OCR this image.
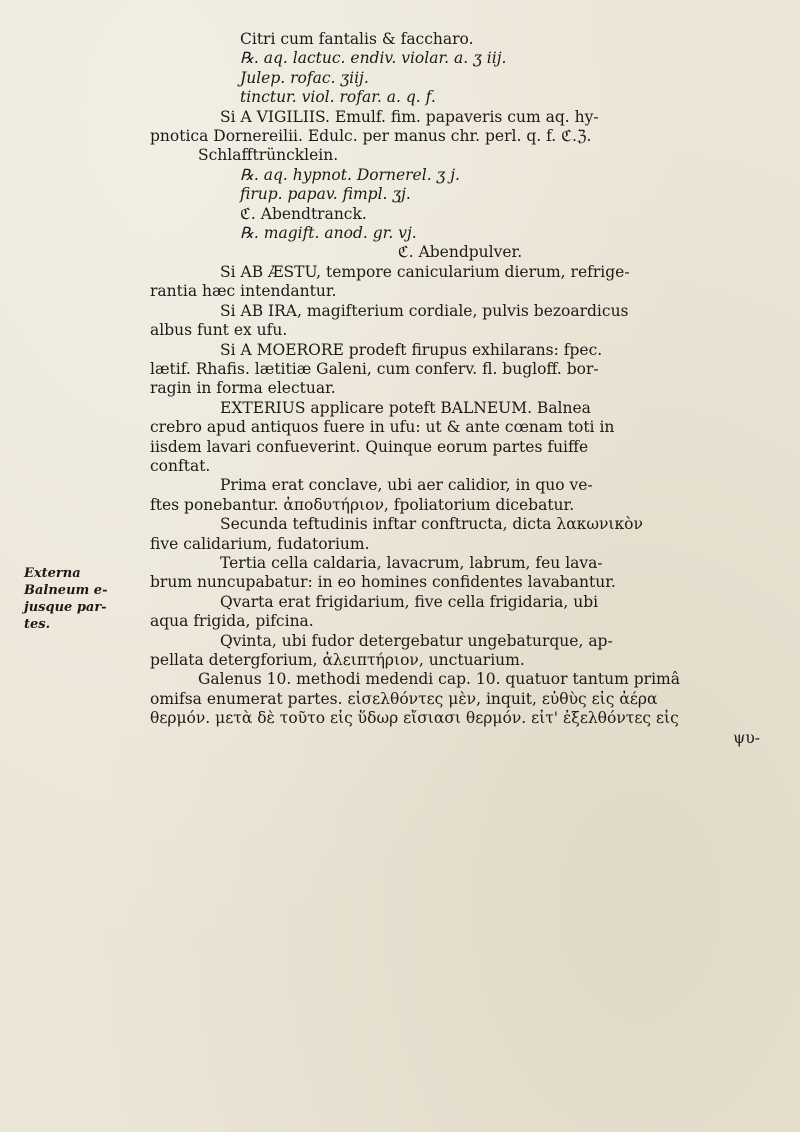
Externa
Balneum e-
jusque par-
tes.
Citri cum fantalis & faccharo.
℞. aq. lactuc. endiv. violar. a. ʒ iij.
Julep. rofac. ʒiij.
tinctur. viol. rofar. a. q. f.
Si A VIGILIIS. Emulf. fim. papaveris cum aq. hy-
pnotica Dornereilii. Edulc. per manus chr. perl. q. f. ℭ.ℨ.
Schlafftrüncklein.
℞. aq. hypnot. Dornerel. ʒ j.
firup. papav. fimpl. ʒj.
ℭ. Abendtranck.
℞. magift. anod. gr. vj.
ℭ. Abendpulver.
Si AB ÆSTU, tempore canicularium dierum, refrige-
rantia hæc intendantur.
Si AB IRA, magifterium cordiale, pulvis bezoardicus
albus funt ex ufu.
Si A MOERORE prodeft firupus exhilarans: fpec.
lætif. Rhafis. lætitiæ Galeni, cum conferv. fl. bugloff. bor-
ragin in forma electuar.
EXTERIUS applicare poteft BALNEUM. Balnea
crebro apud antiquos fuere in ufu: ut & ante cœnam toti in
iisdem lavari confueverint. Quinque eorum partes fuiffe
conftat.
Prima erat conclave, ubi aer calidior, in quo ve-
ftes ponebantur. ἀποδυτήριον, fpoliatorium dicebatur.
Secunda teftudinis inftar conftructa, dicta λακωνικὸν
five calidarium, fudatorium.
Tertia cella caldaria, lavacrum, labrum, feu lava-
brum nuncupabatur: in eo homines confidentes lavabantur.
Qvarta erat frigidarium, five cella frigidaria, ubi
aqua frigida, pifcina.
Qvinta, ubi fudor detergebatur ungebaturque, ap-
pellata detergforium, ἀλειπτήριον, unctuarium.
Galenus 10. methodi medendi cap. 10. quatuor tantum primâ
omifsa enumerat partes. εἰσελθόντες μὲν, inquit, εὐθὺς εἰς ἀέρα
θερμόν. μετὰ δὲ τοῦτο εἰς ὕδωρ εἴσιασι θερμόν. εἶτ' ἐξελθόντες εἰς
ψυ-
